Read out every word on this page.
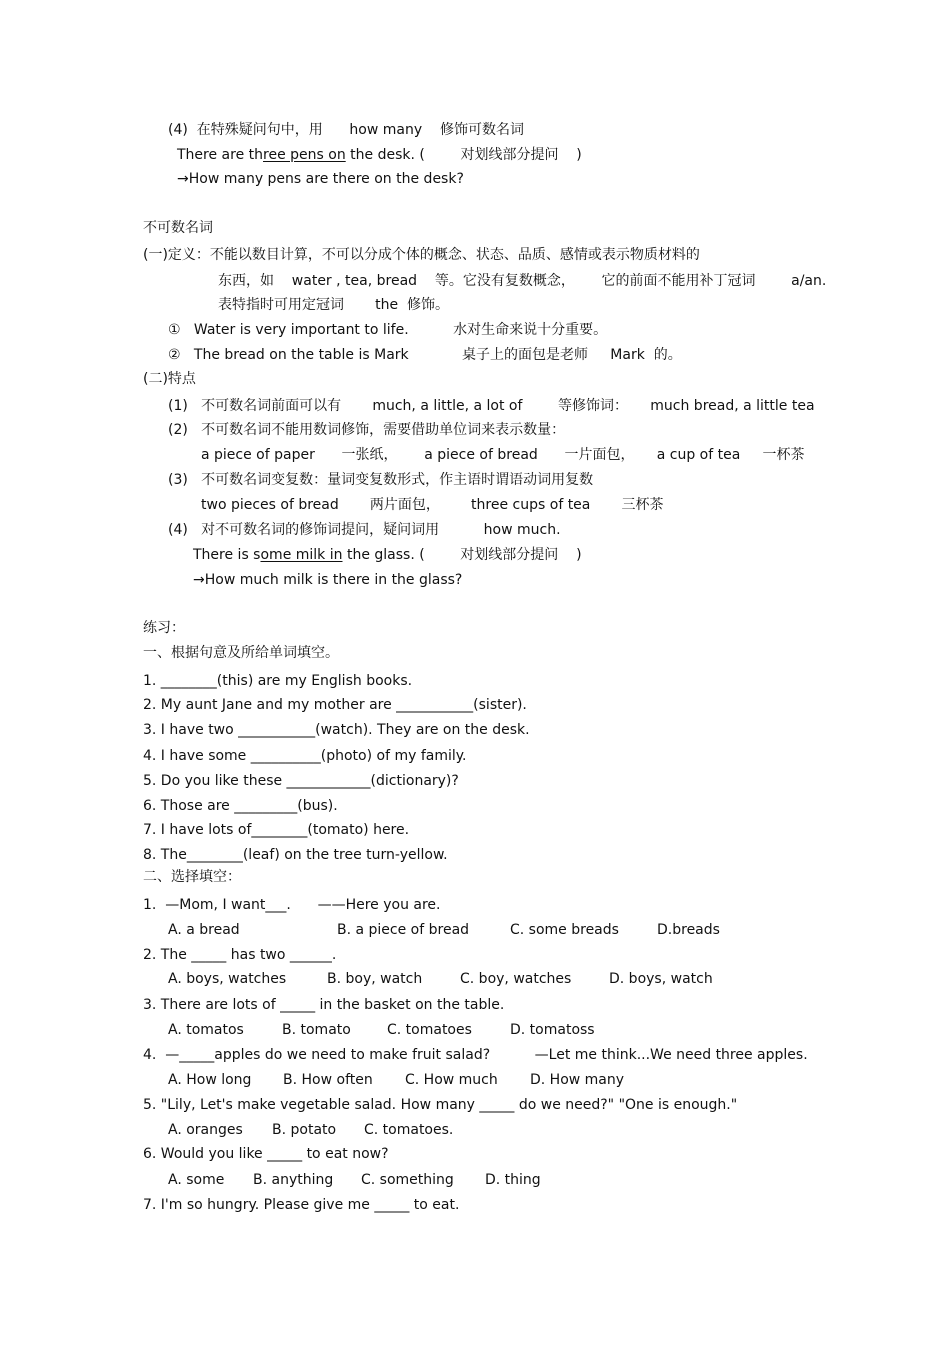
(4)  在特殊疑问句中，用      how many    修饰可数名词
There are three pens on the desk. (        对划线部分提问    )
→How many pens are there on the desk?
不可数名词
(一)定义：不能以数目计算，不可以分成个体的概念、状态、品质、感情或表示物质材料的
东西，如    water , tea, bread    等。它没有复数概念，      它的前面不能用补丁冠词        a/an.
表特指时可用定冠词       the  修饰。
①   Water is very important to life.          水对生命来说十分重要。
②   The bread on the table is Mark            桌子上的面包是老师     Mark  的。
(二)特点
(1)   不可数名词前面可以有       much, a little, a lot of        等修饰词：     much bread, a little tea
(2)   不可数名词不能用数词修饰，需要借助单位词来表示数量：
a piece of paper      一张纸，      a piece of bread      一片面包，     a cup of tea     一杯茶
(3)   不可数名词变复数：量词变复数形式，作主语时谓语动词用复数
two pieces of bread       两片面包，       three cups of tea       三杯茶
(4)   对不可数名词的修饰词提问，疑问词用          how much.
There is some milk in the glass. (        对划线部分提问    )
→How much milk is there in the glass?
练习：
一、根据句意及所给单词填空。
1. ________(this) are my English books.
2. My aunt Jane and my mother are ___________(sister).
3. I have two ___________(watch). They are on the desk.
4. I have some __________(photo) of my family.
5. Do you like these ____________(dictionary)?
6. Those are _________(bus).
7. I have lots of________(tomato) here.
8. The________(leaf) on the tree turn-yellow.
二、选择填空：
1.  —Mom, I want___.      ——Here you are.
A. a bread	B. a piece of bread	C. some breads	D.breads
2. The _____ has two ______.
A. boys, watches	B. boy, watch	C. boy, watches	D. boys, watch
3. There are lots of _____ in the basket on the table.
A. tomatos	B. tomato	C. tomatoes	D. tomatoss
4.  —_____apples do we need to make fruit salad?          —Let me think...We need three apples.
A. How long B. How often C. How much D. How many
5. "Lily, Let's make vegetable salad. How many _____ do we need?" "One is enough."
A. oranges B. potato C. tomatoes.
6. Would you like _____ to eat now?
A. some B. anything C. something D. thing
7. I'm so hungry. Please give me _____ to eat.
